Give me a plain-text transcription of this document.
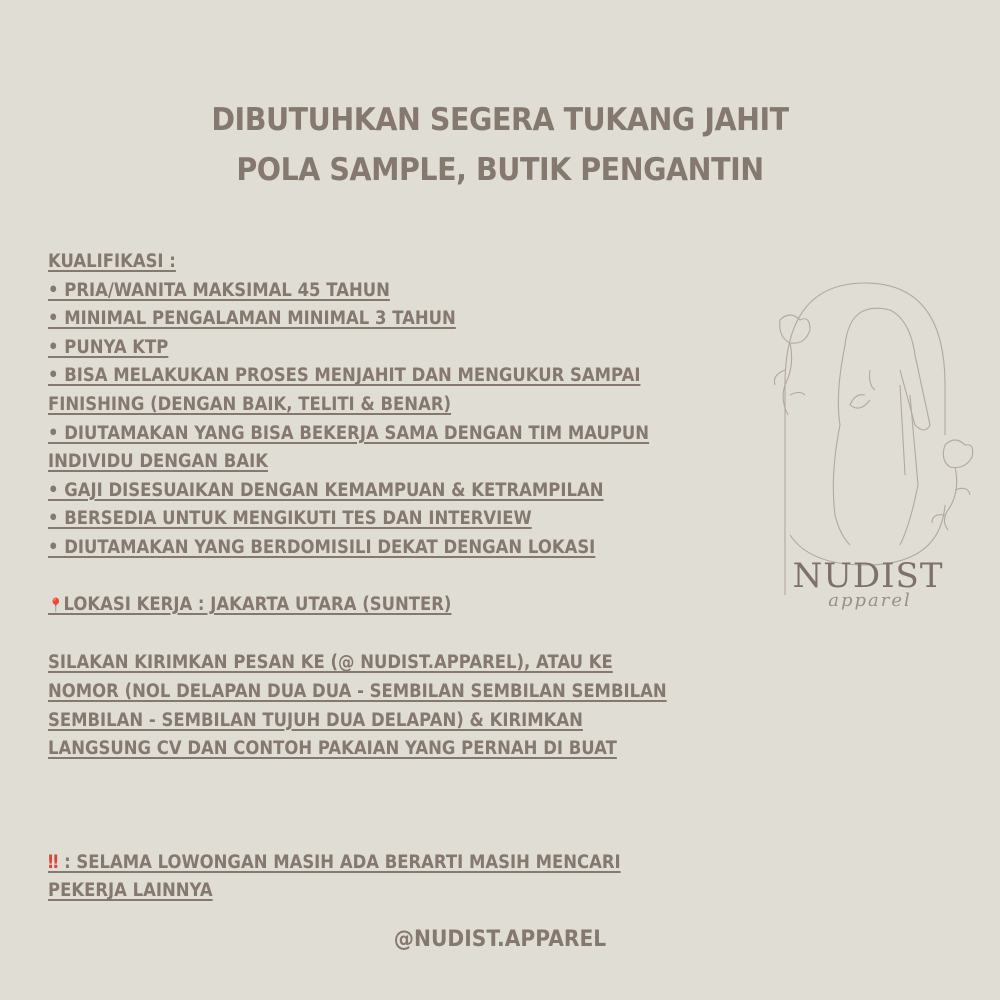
DIBUTUHKAN SEGERA TUKANG JAHIT
POLA SAMPLE, BUTIK PENGANTIN
KUALIFIKASI :
• PRIA/WANITA MAKSIMAL 45 TAHUN
• MINIMAL PENGALAMAN MINIMAL 3 TAHUN
• PUNYA KTP
• BISA MELAKUKAN PROSES MENJAHIT DAN MENGUKUR SAMPAI
FINISHING (DENGAN BAIK, TELITI & BENAR)
• DIUTAMAKAN YANG BISA BEKERJA SAMA DENGAN TIM MAUPUN
INDIVIDU DENGAN BAIK
• GAJI DISESUAIKAN DENGAN KEMAMPUAN & KETRAMPILAN
• BERSEDIA UNTUK MENGIKUTI TES DAN INTERVIEW
• DIUTAMAKAN YANG BERDOMISILI DEKAT DENGAN LOKASI
📍LOKASI KERJA : JAKARTA UTARA (SUNTER)
SILAKAN KIRIMKAN PESAN KE (@ NUDIST.APPAREL), ATAU KE
NOMOR (NOL DELAPAN DUA DUA - SEMBILAN SEMBILAN SEMBILAN
SEMBILAN - SEMBILAN TUJUH DUA DELAPAN) & KIRIMKAN
LANGSUNG CV DAN CONTOH PAKAIAN YANG PERNAH DI BUAT
‼ : SELAMA LOWONGAN MASIH ADA BERARTI MASIH MENCARI
PEKERJA LAINNYA
NUDIST
apparel
@NUDIST.APPAREL
